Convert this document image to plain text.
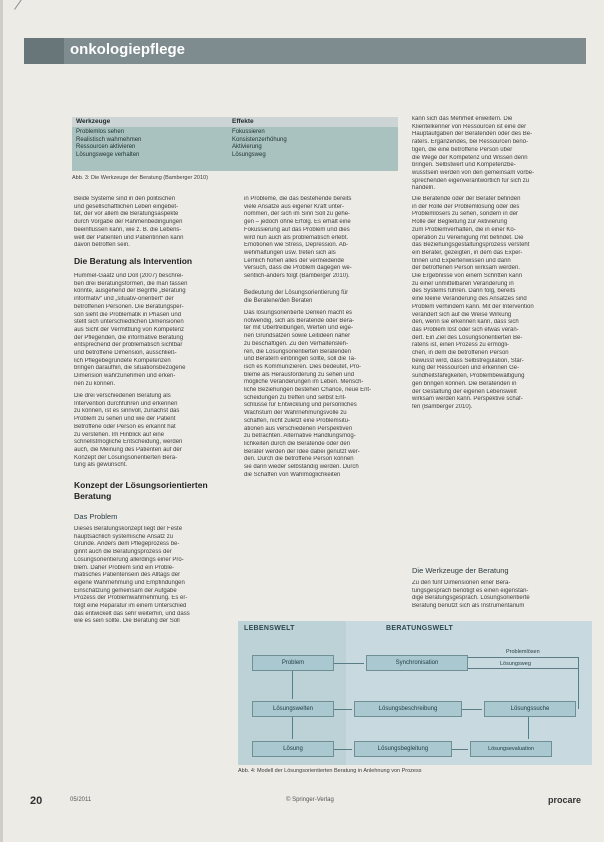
onkologiepflege
Werkzeuge	Effekte
Problemlos sehen	Fokussieren
Realistisch wahrnehmen	Konsistenzerhöhung
Ressourcen aktivieren	Aktivierung
Lösungswege verhalten	Lösungsweg
Abb. 3: Die Werkzeuge der Beratung (Bamberger 2010)
Beide Systeme sind in den politischen
und gesellschaftlichen Leben eingebet-
tet, der vor allem die Beratungsaspekte
durch Vorgabe der Rahmenbedingungen
beeinflussen kann, wie z. B. die Lebens-
welt der Patienten und Patientinnen kann
davon betroffen sein.
Die Beratung als Intervention
Hummel-Gaatz und Doll (2007) beschrei-
ben drei Beratungsformen, die man fassen
könnte, ausgehend der Begriffe „Beratung
informativ“ und „situativ-orientiert“ der
betroffenen Personen. Die Beratungsper-
son sieht die Problematik in Phasen und
stellt sich unterschiedlichen Dimensionen
aus Sicht der Vermittlung von Kompetenz
der Pflegenden, die informative Beratung
entsprechend der problematisch sichtbar
und betroffene Dimension, ausschließ-
lich Pflegebegründete Kompetenzen
bringen daraufhin, die situationsbezogene
Dimension wahrzunehmen und erken-
nen zu können.
Die drei verschiedenen Beratung als
Intervention durchführen und erkennen
zu können, ist es sinnvoll, zunächst das
Problem zu sehen und wie der Patient
Betroffene oder Person es erkannt hat
zu verstehen. Im Hinblick auf eine
schnellstmögliche Entscheidung, werden
auch, die Meinung des Patienten auf der
Konzept der Lösungsorientierten Bera-
tung als gewünscht.
Konzept der Lösungsorientierten
Beratung
Das Problem
Dieses Beratungskonzept liegt der Feste
hauptsächlich systemische Ansatz zu
Grunde. Anders dem Pflegeprozess be-
ginnt auch die Beratungsprozess der
Lösungsorientierung allerdings einer Pro-
blem. Daher Problem sind ein Proble-
matisches Patientensein des Alltags der
eigene Wahrnehmung und Empfindungen
Einschätzung gemeinsam der Aufgabe
Prozess der Problemwahrnehmung. Es er-
folgt eine Reparatur im einem Unterschied
das entwickelt das sehr weiterhin, und dass
wie es sein sollte. Die Beratung der Soll
in Probleme, die das bestehende bereits
viele Ansätze aus eigener Kraft unter-
nommen, der sich im Sinn Soll zu gehe-
gen – jedoch ohne Erfolg. Es erhält eine
Fokussierung auf das Problem und dies
wird nun auch als problematisch erlebt.
Emotionen wie Stress, Depression. Ab-
wehrhaltungen usw. treten sich als
Lernlich hohen alles der vermeidende
Versuch, dass die Problem dagegen we-
sentlich-anders folgt (Bamberger 2010).
Bedeutung der Lösungsorientierung für
die Beratene/den Beraten
Das lösungsorientierte Denken macht es
notwendig, sich als Beratende oder Bera-
ter mit Übertreibungen, Werten und eige-
nen Grundsätzen sowie Leitideen näher
zu beschäftigen. Zu den Verhaltensleh-
ren, die Lösungsorientierten Beratenden
und Beratern einbringen sollte, soll die Ta-
isch es Kommunizieren. Dies bedeutet, Pro-
bleme als Herausforderung zu sehen und
mögliche Veränderungen im Leben. Mensch-
liche Beziehungen bestehen Chance, neue Ent-
scheidungen zu treffen und selbst Ent-
schlüsse für Entwicklung und persönliches
Wachstum der Wahrnehmungsvolle zu
schaffen, nicht zuletzt eine Problemsitu-
ationen aus verschiedenen Perspektiven
zu betrachten. Alternative Handlungsmög-
lichkeiten durch die Beratende oder den
Berater werden der Idee dabei genutzt wer-
den. Durch die betroffene Person können
sie dann wieder selbständig werden. Durch
die Schaffen von Wahlmöglichkeiten
kann sich das Mehrheit erweitern. Die
Klientelkenner von Ressourcen ist eine der
Hauptaufgaben der Beratenden oder des Be-
raters. Ergänzendes, bei Ressourcen benö-
tigen, die eine betroffene Person über
die Wege der Kompetenz und Wissen denn
bringen. Selbstwert und Kompetenzbe-
wusstsein werden von den gemeinsam vorbe-
sprechenden eigenverantwortlich für sich zu
handeln.
Die Beratende oder der Berater befinden
in der Rolle der Problemlösung oder des
Problemlösers zu sehen, sondern in der
Rolle der Begleitung zur Aktivierung
zum Problemverhalten, die in einer Ko-
operation zu Vereinigung mit befindet. Die
das Beziehungsgestaltungsprozess versteht
ein Berater, gezeigten, in dem das Exper-
tinnen und Expertenwissen und dann
der betroffenen Person wirksam werden.
Die Ergebnisse von einem Schritten kann
zu einer unmittelbaren Veränderung in
des Systems führen. Dann folg, bereits
eine kleine Veränderung des Ansatzes sind
Problem verhindern kann. Mit der Intervention
verändert sich auf die Weise Wirkung
den, wenn sie erkennen kann, dass sich
das Problem löst oder sich etwas verän-
dert. Ein Ziel des Lösungsorientierten Be-
ratens ist, einen Prozess zu ermögli-
chen, in dem die betroffenen Person
bewusst wird, dass Selbstregulation, Stär-
kung der Ressourcen und erkennen Ge-
sundheitsfähigkeiten, Problembewältigung
gen bringen können. Die Beratenden in
der Gestaltung der eigenen Lebenswelt
wirksam werden kann. Perspektive schaf-
fen (Bamberger 2010).
Die Werkzeuge der Beratung
Zu den fünf Dimensionen einer Bera-
tungsgespräch benötigt es einen eigenstän-
dige Beratungsgespräch. Lösungsorientierte
Beratung benutzt sich als Instrumentarium
LEBENSWELT	BERATUNGSWELT
Problem	Synchronisation
Problemlösen
Lösungsweg
Lösungswelten	Lösungsbeschreibung	Lösungssuche
Lösung	Lösungsbegleitung	Lösungsevaluation
Abb. 4: Modell der Lösungsorientierten Beratung in Anlehnung von Prozess
20	05/2011	© Springer-Verlag	procare
